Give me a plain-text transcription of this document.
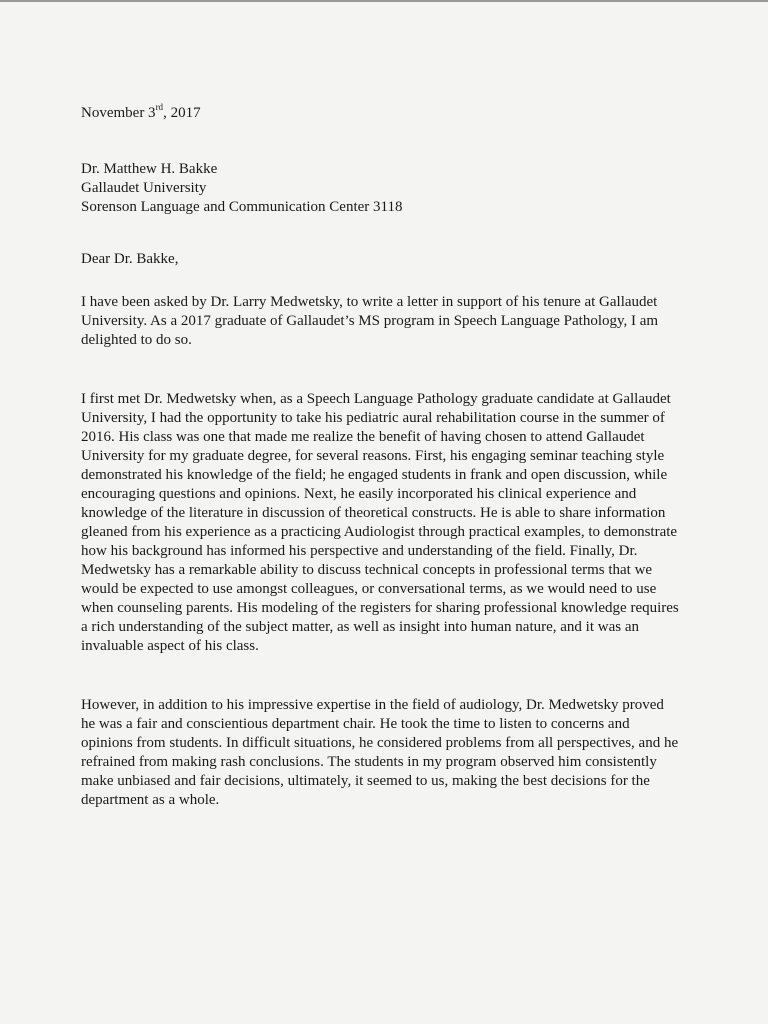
November 3rd, 2017

Dr. Matthew H. Bakke
Gallaudet University
Sorenson Language and Communication Center 3118

Dear Dr. Bakke,

I have been asked by Dr. Larry Medwetsky, to write a letter in support of his tenure at Gallaudet University. As a 2017 graduate of Gallaudet’s MS program in Speech Language Pathology, I am delighted to do so.

I first met Dr. Medwetsky when, as a Speech Language Pathology graduate candidate at Gallaudet University, I had the opportunity to take his pediatric aural rehabilitation course in the summer of 2016. His class was one that made me realize the benefit of having chosen to attend Gallaudet University for my graduate degree, for several reasons. First, his engaging seminar teaching style demonstrated his knowledge of the field; he engaged students in frank and open discussion, while encouraging questions and opinions. Next, he easily incorporated his clinical experience and knowledge of the literature in discussion of theoretical constructs. He is able to share information gleaned from his experience as a practicing Audiologist through practical examples, to demonstrate how his background has informed his perspective and understanding of the field. Finally, Dr. Medwetsky has a remarkable ability to discuss technical concepts in professional terms that we would be expected to use amongst colleagues, or conversational terms, as we would need to use when counseling parents. His modeling of the registers for sharing professional knowledge requires a rich understanding of the subject matter, as well as insight into human nature, and it was an invaluable aspect of his class.

However, in addition to his impressive expertise in the field of audiology, Dr. Medwetsky proved he was a fair and conscientious department chair. He took the time to listen to concerns and opinions from students. In difficult situations, he considered problems from all perspectives, and he refrained from making rash conclusions. The students in my program observed him consistently make unbiased and fair decisions, ultimately, it seemed to us, making the best decisions for the department as a whole.
